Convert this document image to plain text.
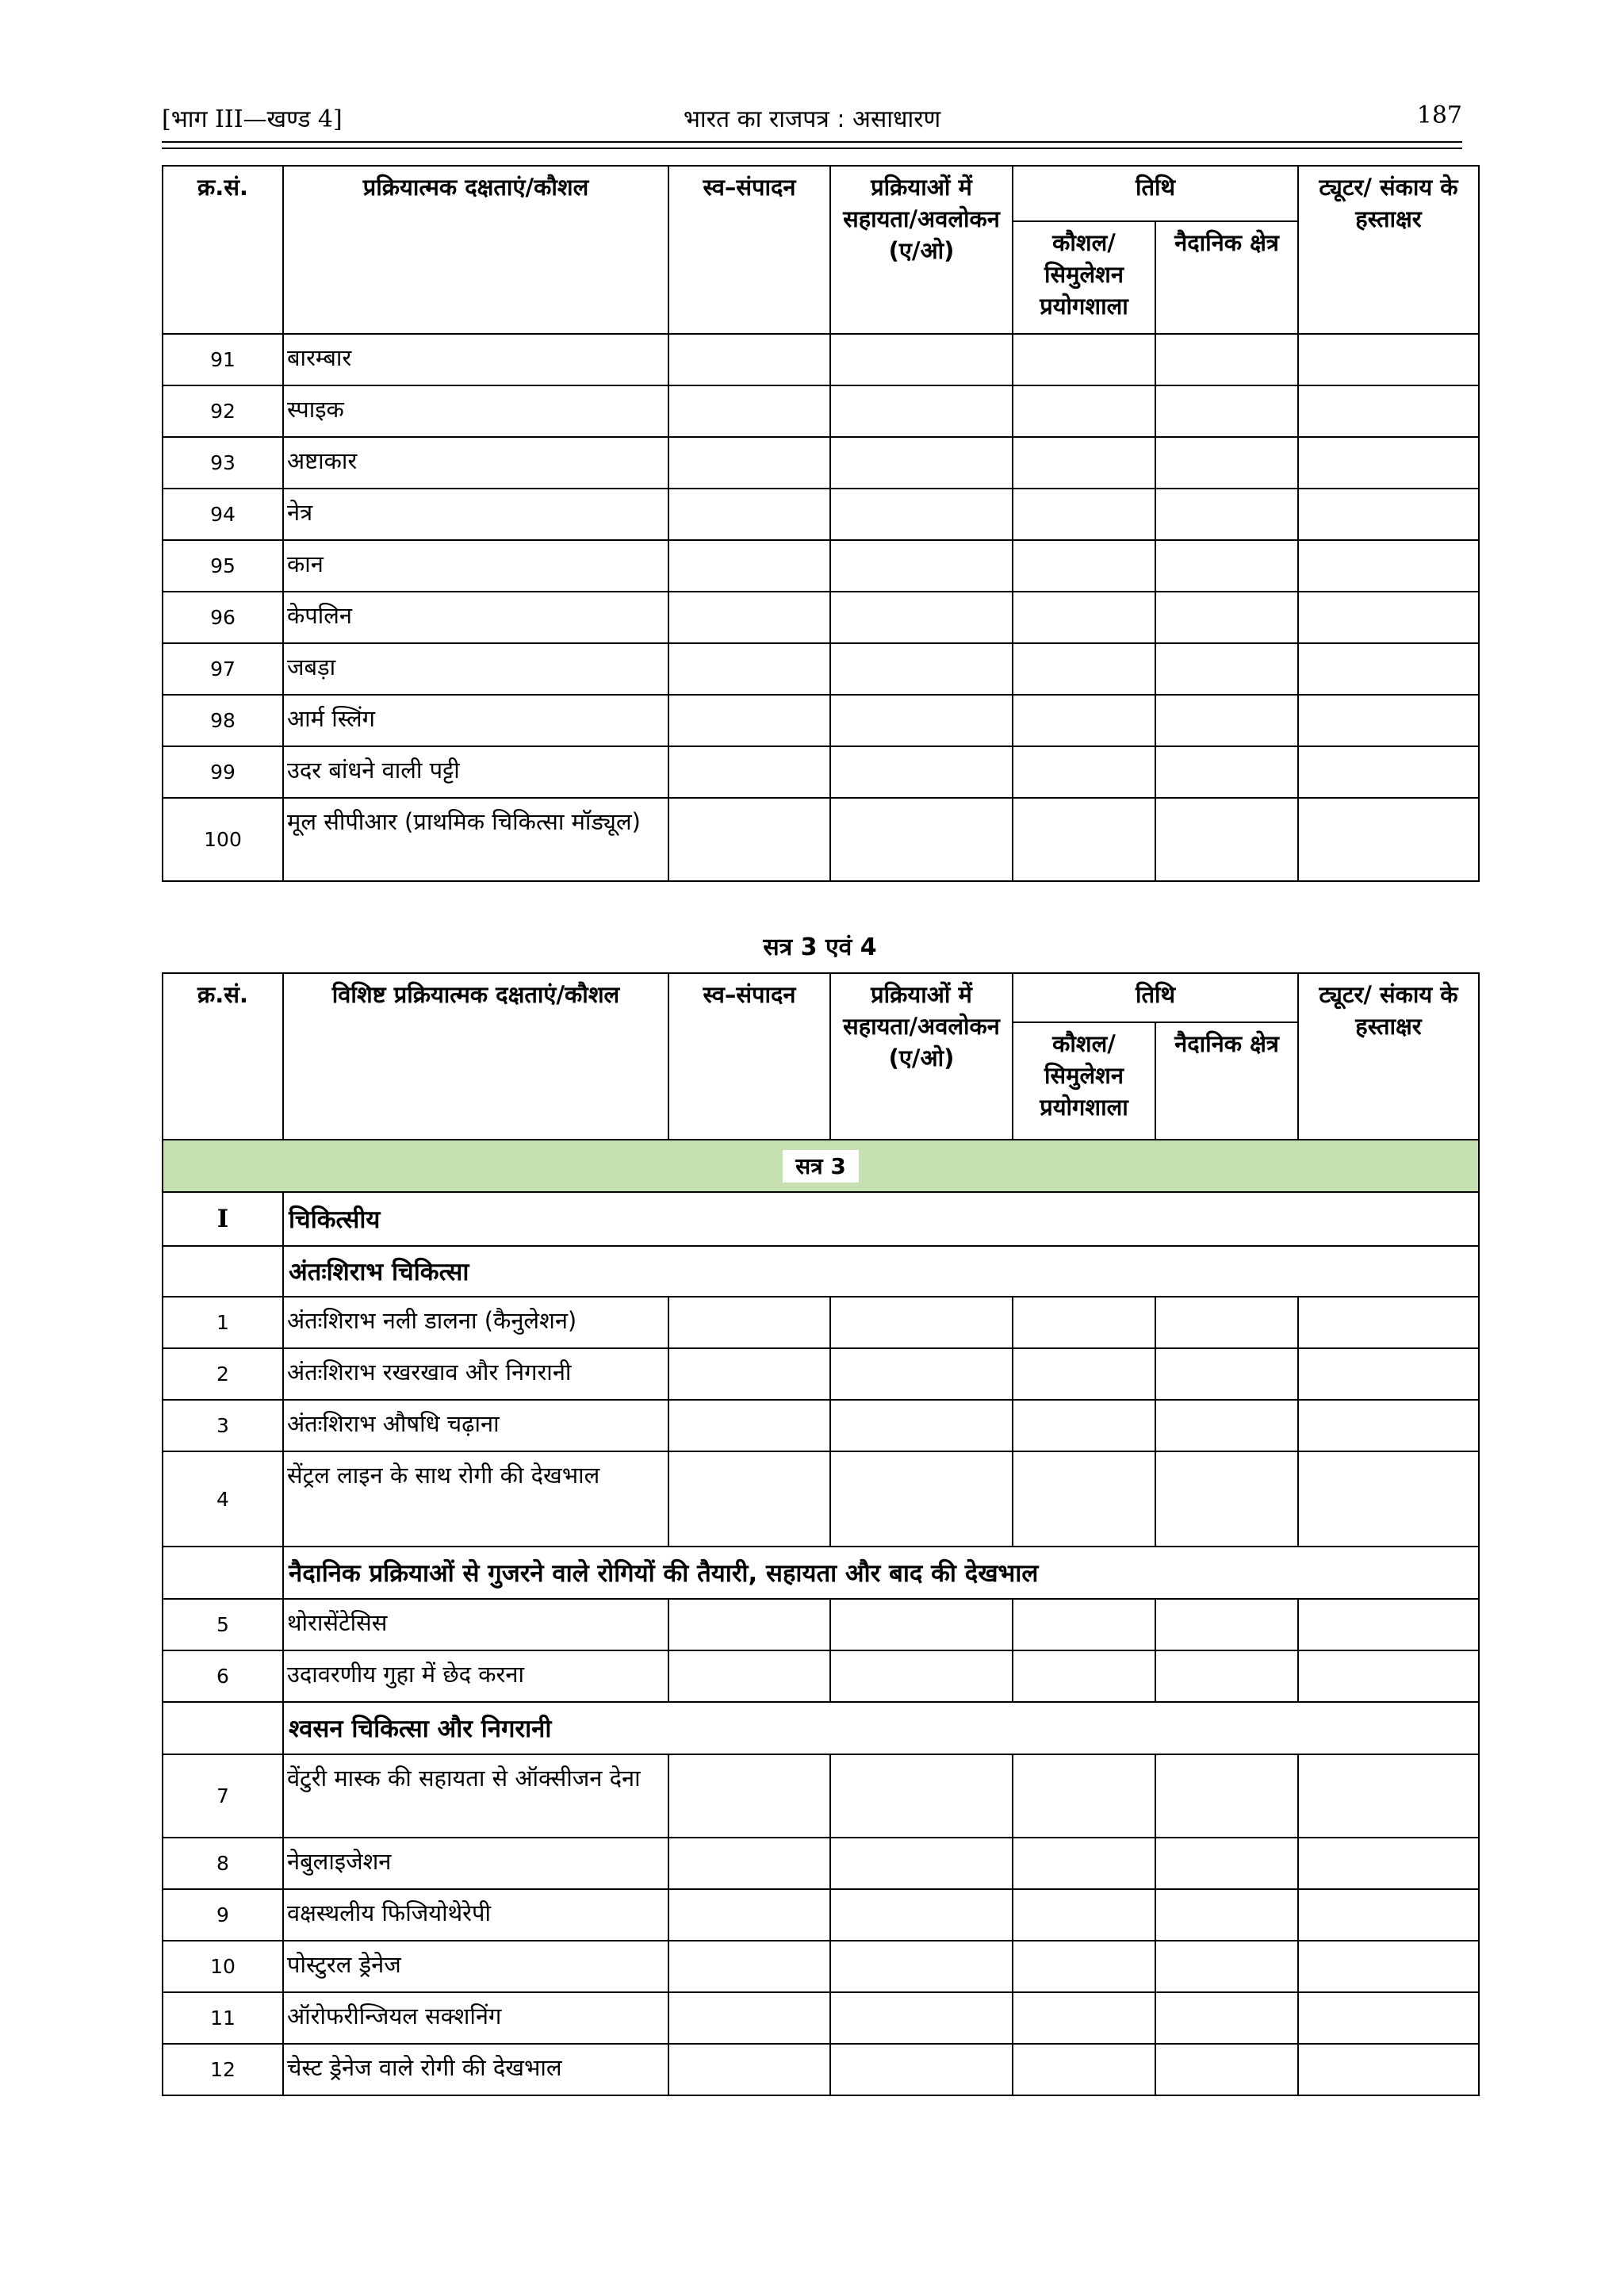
[भाग III—खण्ड 4]	भारत का राजपत्र : असाधारण	187
क्र.सं.	प्रक्रियात्मक दक्षताएं/कौशल	स्व–संपादन	प्रक्रियाओं में सहायता/अवलोकन (ए/ओ)	तिथि		ट्यूटर/ संकाय के हस्ताक्षर
				कौशल/ सिमुलेशन प्रयोगशाला	नैदानिक क्षेत्र	
91	बारम्बार					
92	स्पाइक					
93	अष्टाकार					
94	नेत्र					
95	कान					
96	केपलिन					
97	जबड़ा					
98	आर्म स्लिंग					
99	उदर बांधने वाली पट्टी					
100	मूल सीपीआर (प्राथमिक चिकित्सा मॉड्यूल)					
सत्र 3 एवं 4
क्र.सं.	विशिष्ट प्रक्रियात्मक दक्षताएं/कौशल	स्व–संपादन	प्रक्रियाओं में सहायता/अवलोकन (ए/ओ)	तिथि		ट्यूटर/ संकाय के हस्ताक्षर
				कौशल/ सिमुलेशन प्रयोगशाला	नैदानिक क्षेत्र	
सत्र 3						
I	चिकित्सीय					
	अंतःशिराभ चिकित्सा					
1	अंतःशिराभ नली डालना (कैनुलेशन)					
2	अंतःशिराभ रखरखाव और निगरानी					
3	अंतःशिराभ औषधि चढ़ाना					
4	सेंट्रल लाइन के साथ रोगी की देखभाल					
	नैदानिक प्रक्रियाओं से गुजरने वाले रोगियों की तैयारी, सहायता और बाद की देखभाल					
5	थोरासेंटेसिस					
6	उदावरणीय गुहा में छेद करना					
	श्वसन चिकित्सा और निगरानी					
7	वेंटुरी मास्क की सहायता से ऑक्सीजन देना					
8	नेबुलाइजेशन					
9	वक्षस्थलीय फिजियोथेरेपी					
10	पोस्टुरल ड्रेनेज					
11	ऑरोफरीन्जियल सक्शनिंग					
12	चेस्ट ड्रेनेज वाले रोगी की देखभाल					
